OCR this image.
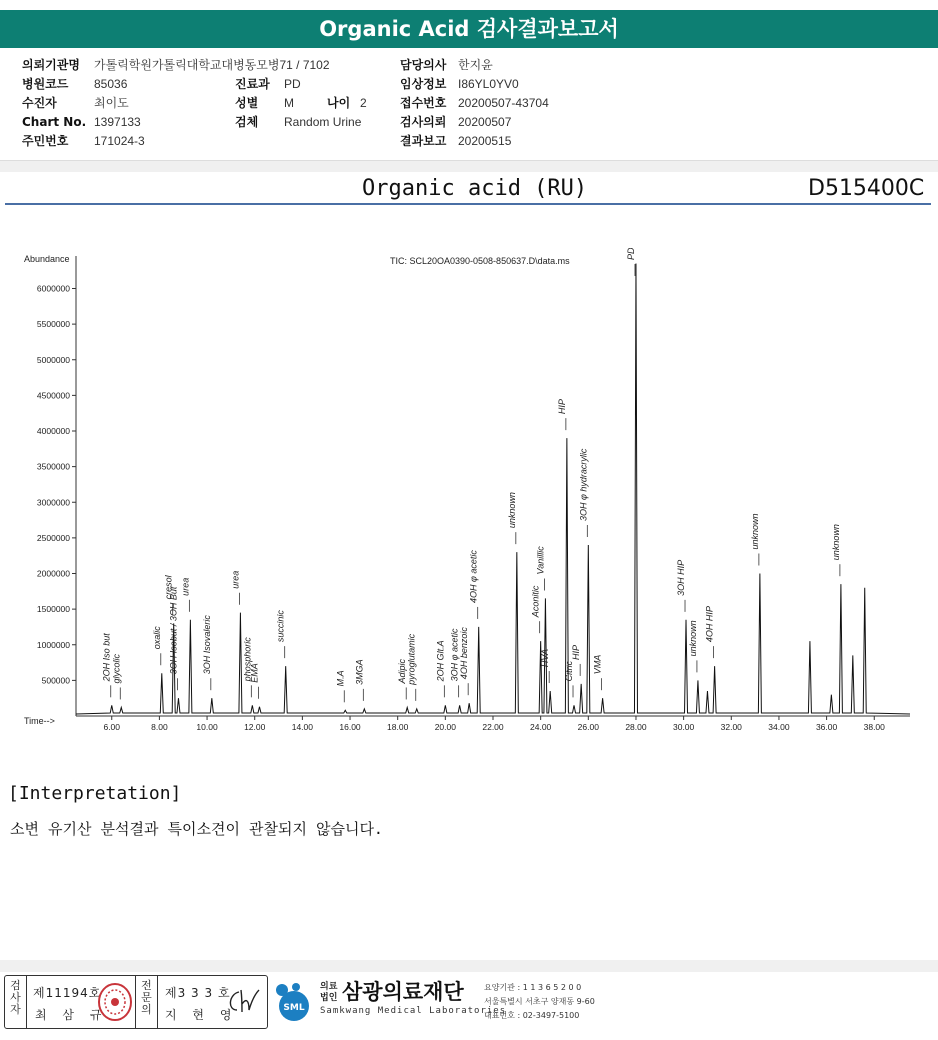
Organic Acid 검사결과보고서
의뢰기관명 가톨릭학원가톨릭대학교대병동모병71 / 7102	담당의사 한지윤
병원코드 85036	진료과 PD	임상정보 I86YL0YV0
수진자	최이도	성별 M	나이 2	접수번호 20200507-43704
Chart No. 1397133	검체 Random Urine	검사의뢰 20200507
주민번호 171024-3	결과보고 20200515
Organic acid (RU)	D515400C
Abundance
Time-->
TIC: SCL20OA0390-0508-850637.D\data.ms
500000
1000000
1500000
2000000
2500000
3000000
3500000
4000000
4500000
5000000
5500000
6000000
6.00	8.00	10.00	12.00	14.00	16.00	18.00	20.00	22.00	24.00	26.00	28.00	30.00	32.00	34.00	36.00	38.00
2OH Iso but glycolic
oxalic
cresol
3OH Isobut / 3OH But urea
3OH Isovaleric
urea
phosphoric
EMA
succinic
M.A 3MGA	Adipic pyroglutamic 2OH Glt.A 3OH φ acetic 4OH benzoic
4OH φ acetic
unknown
Aconitic
Vanillic
HVA
HIP
Citric
HIP
3OH φ hydracrylic
VMA
PDA
3OH HIP
unknown 4OH HIP
unknown	unknown
[Interpretation]
소변 유기산 분석결과 특이소견이 관찰되지 않습니다.
검
사
자
제11194호
최 삼 규
전
문
의
제3 3 3 호
지 현 영	SML
의료
법인 삼광의료재단
Samkwang Medical Laboratories
요양기관 : 1 1 3 6 5 2 0 0
서울특별시 서초구 양재동 9-60
대표번호 : 02-3497-5100
